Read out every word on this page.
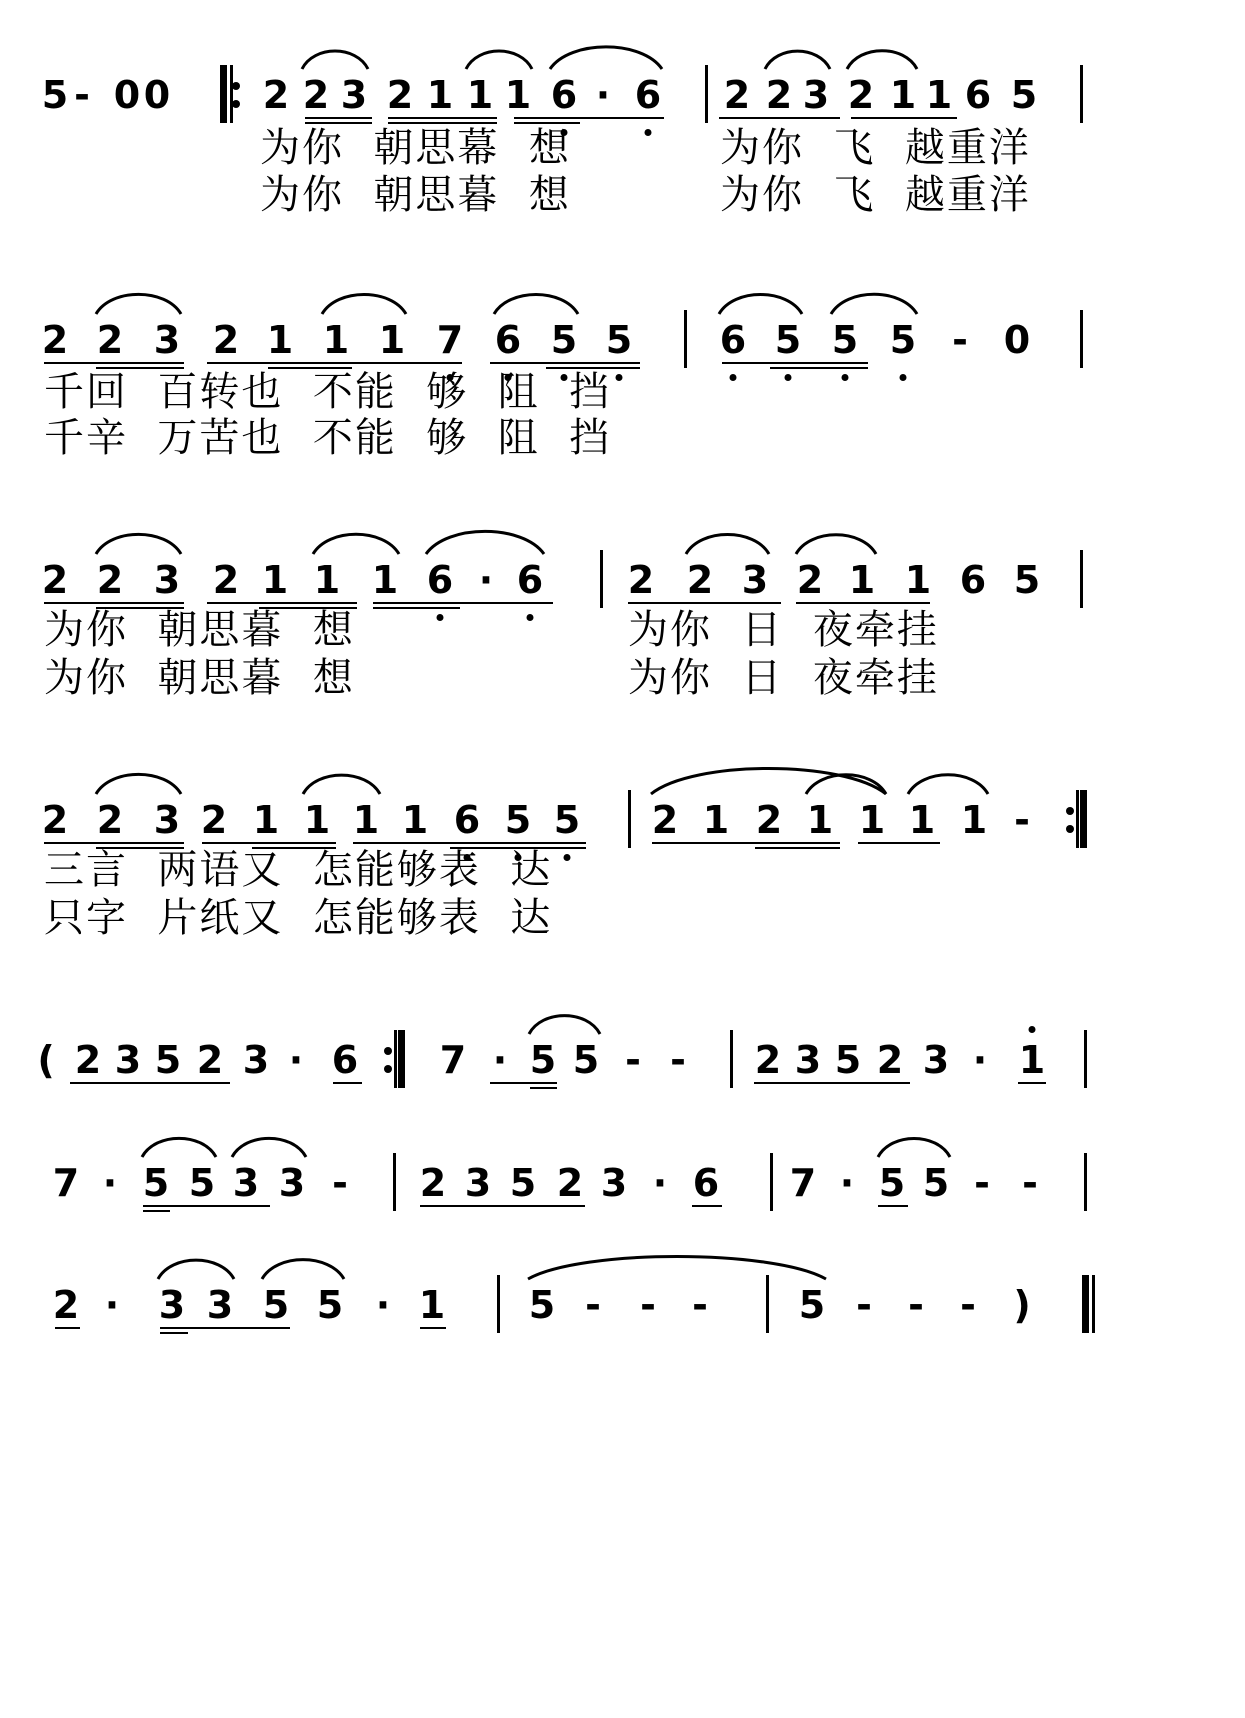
5 - 0 0 2 2 3 2 1 1 1 6 · 6 2 2 3 2 1 1 6 5
为你  朝思幕  想	为你  飞  越重洋
为你  朝思暮  想	为你  飞  越重洋
2 2 3 2 1 1 1 7 6 5 5 6 5 5 5 - 0
千回  百转也  不能  够  阻  挡
千辛  万苦也  不能  够  阻  挡
2 2 3 2 1 1 1 6 · 6 2 2 3 2 1 1 6 5
为你  朝思暮  想	为你  日  夜牵挂
为你  朝思暮  想	为你  日  夜牵挂
2 2 3 2 1 1 1 1 6 5 5 2 1 2 1 1 1 1 -
三言  两语又  怎能够表  达
只字  片纸又  怎能够表  达
( 2 3 5 2 3 · 6 7 · 5 5 - - 2 3 5 2 3 · 1
7 · 5 5 3 3 - 2 3 5 2 3 · 6 7 · 5 5 - -
2 · 3 3 5 5 · 1 5 - - - 5 - - - )
